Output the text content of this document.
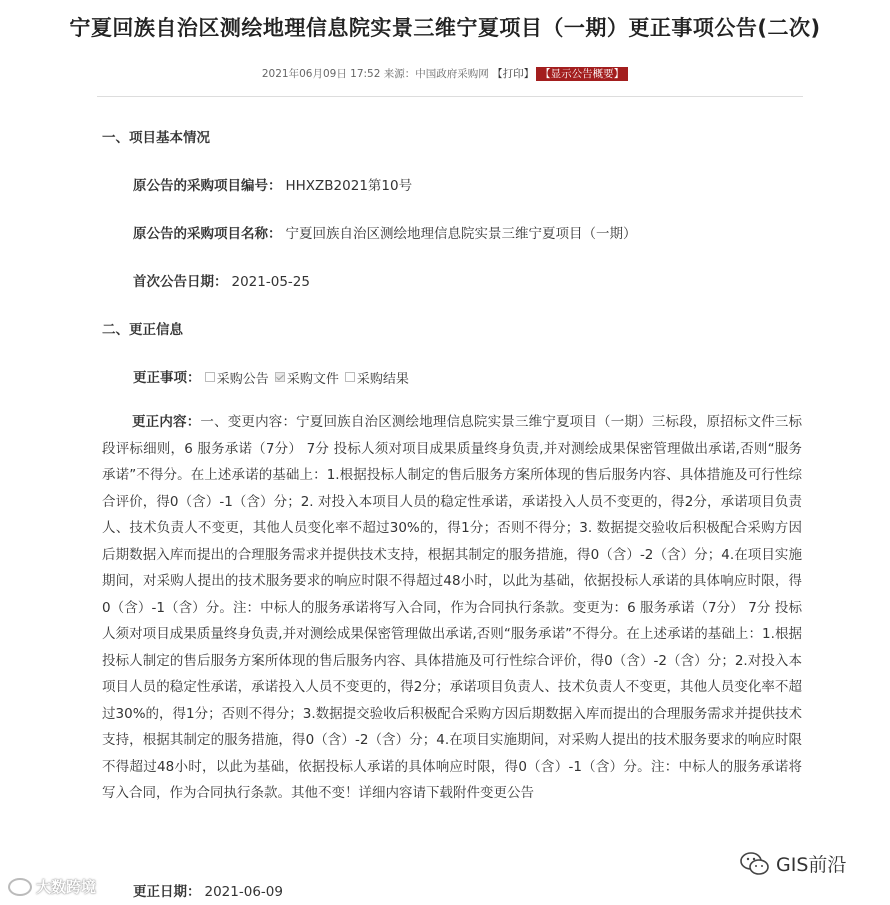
宁夏回族自治区测绘地理信息院实景三维宁夏项目（一期）更正事项公告(二次)
2021年06月09日 17:52 来源：中国政府采购网 【打印】 【显示公告概要】
一、项目基本情况
原公告的采购项目编号： HHXZB2021第10号
原公告的采购项目名称： 宁夏回族自治区测绘地理信息院实景三维宁夏项目（一期）
首次公告日期： 2021-05-25
二、更正信息
更正事项： 采购公告 采购文件 采购结果
更正内容：一、变更内容：宁夏回族自治区测绘地理信息院实景三维宁夏项目（一期）三标段，原招标文件三标段评标细则，6 服务承诺（7分） 7分 投标人须对项目成果质量终身负责,并对测绘成果保密管理做出承诺,否则“服务承诺”不得分。在上述承诺的基础上：1.根据投标人制定的售后服务方案所体现的售后服务内容、具体措施及可行性综合评价，得0（含）-1（含）分；2. 对投入本项目人员的稳定性承诺，承诺投入人员不变更的，得2分，承诺项目负责人、技术负责人不变更，其他人员变化率不超过30%的，得1分；否则不得分；3. 数据提交验收后积极配合采购方因后期数据入库而提出的合理服务需求并提供技术支持，根据其制定的服务措施，得0（含）-2（含）分；4.在项目实施期间，对采购人提出的技术服务要求的响应时限不得超过48小时，以此为基础，依据投标人承诺的具体响应时限，得0（含）-1（含）分。注：中标人的服务承诺将写入合同，作为合同执行条款。变更为：6 服务承诺（7分） 7分 投标人须对项目成果质量终身负责,并对测绘成果保密管理做出承诺,否则“服务承诺”不得分。在上述承诺的基础上：1.根据投标人制定的售后服务方案所体现的售后服务内容、具体措施及可行性综合评价，得0（含）-2（含）分；2.对投入本项目人员的稳定性承诺，承诺投入人员不变更的，得2分；承诺项目负责人、技术负责人不变更，其他人员变化率不超过30%的，得1分；否则不得分；3.数据提交验收后积极配合采购方因后期数据入库而提出的合理服务需求并提供技术支持，根据其制定的服务措施，得0（含）-2（含）分；4.在项目实施期间，对采购人提出的技术服务要求的响应时限不得超过48小时，以此为基础，依据投标人承诺的具体响应时限，得0（含）-1（含）分。注：中标人的服务承诺将写入合同，作为合同执行条款。其他不变！详细内容请下载附件变更公告
更正日期： 2021-06-09
大数跨境
GIS前沿
